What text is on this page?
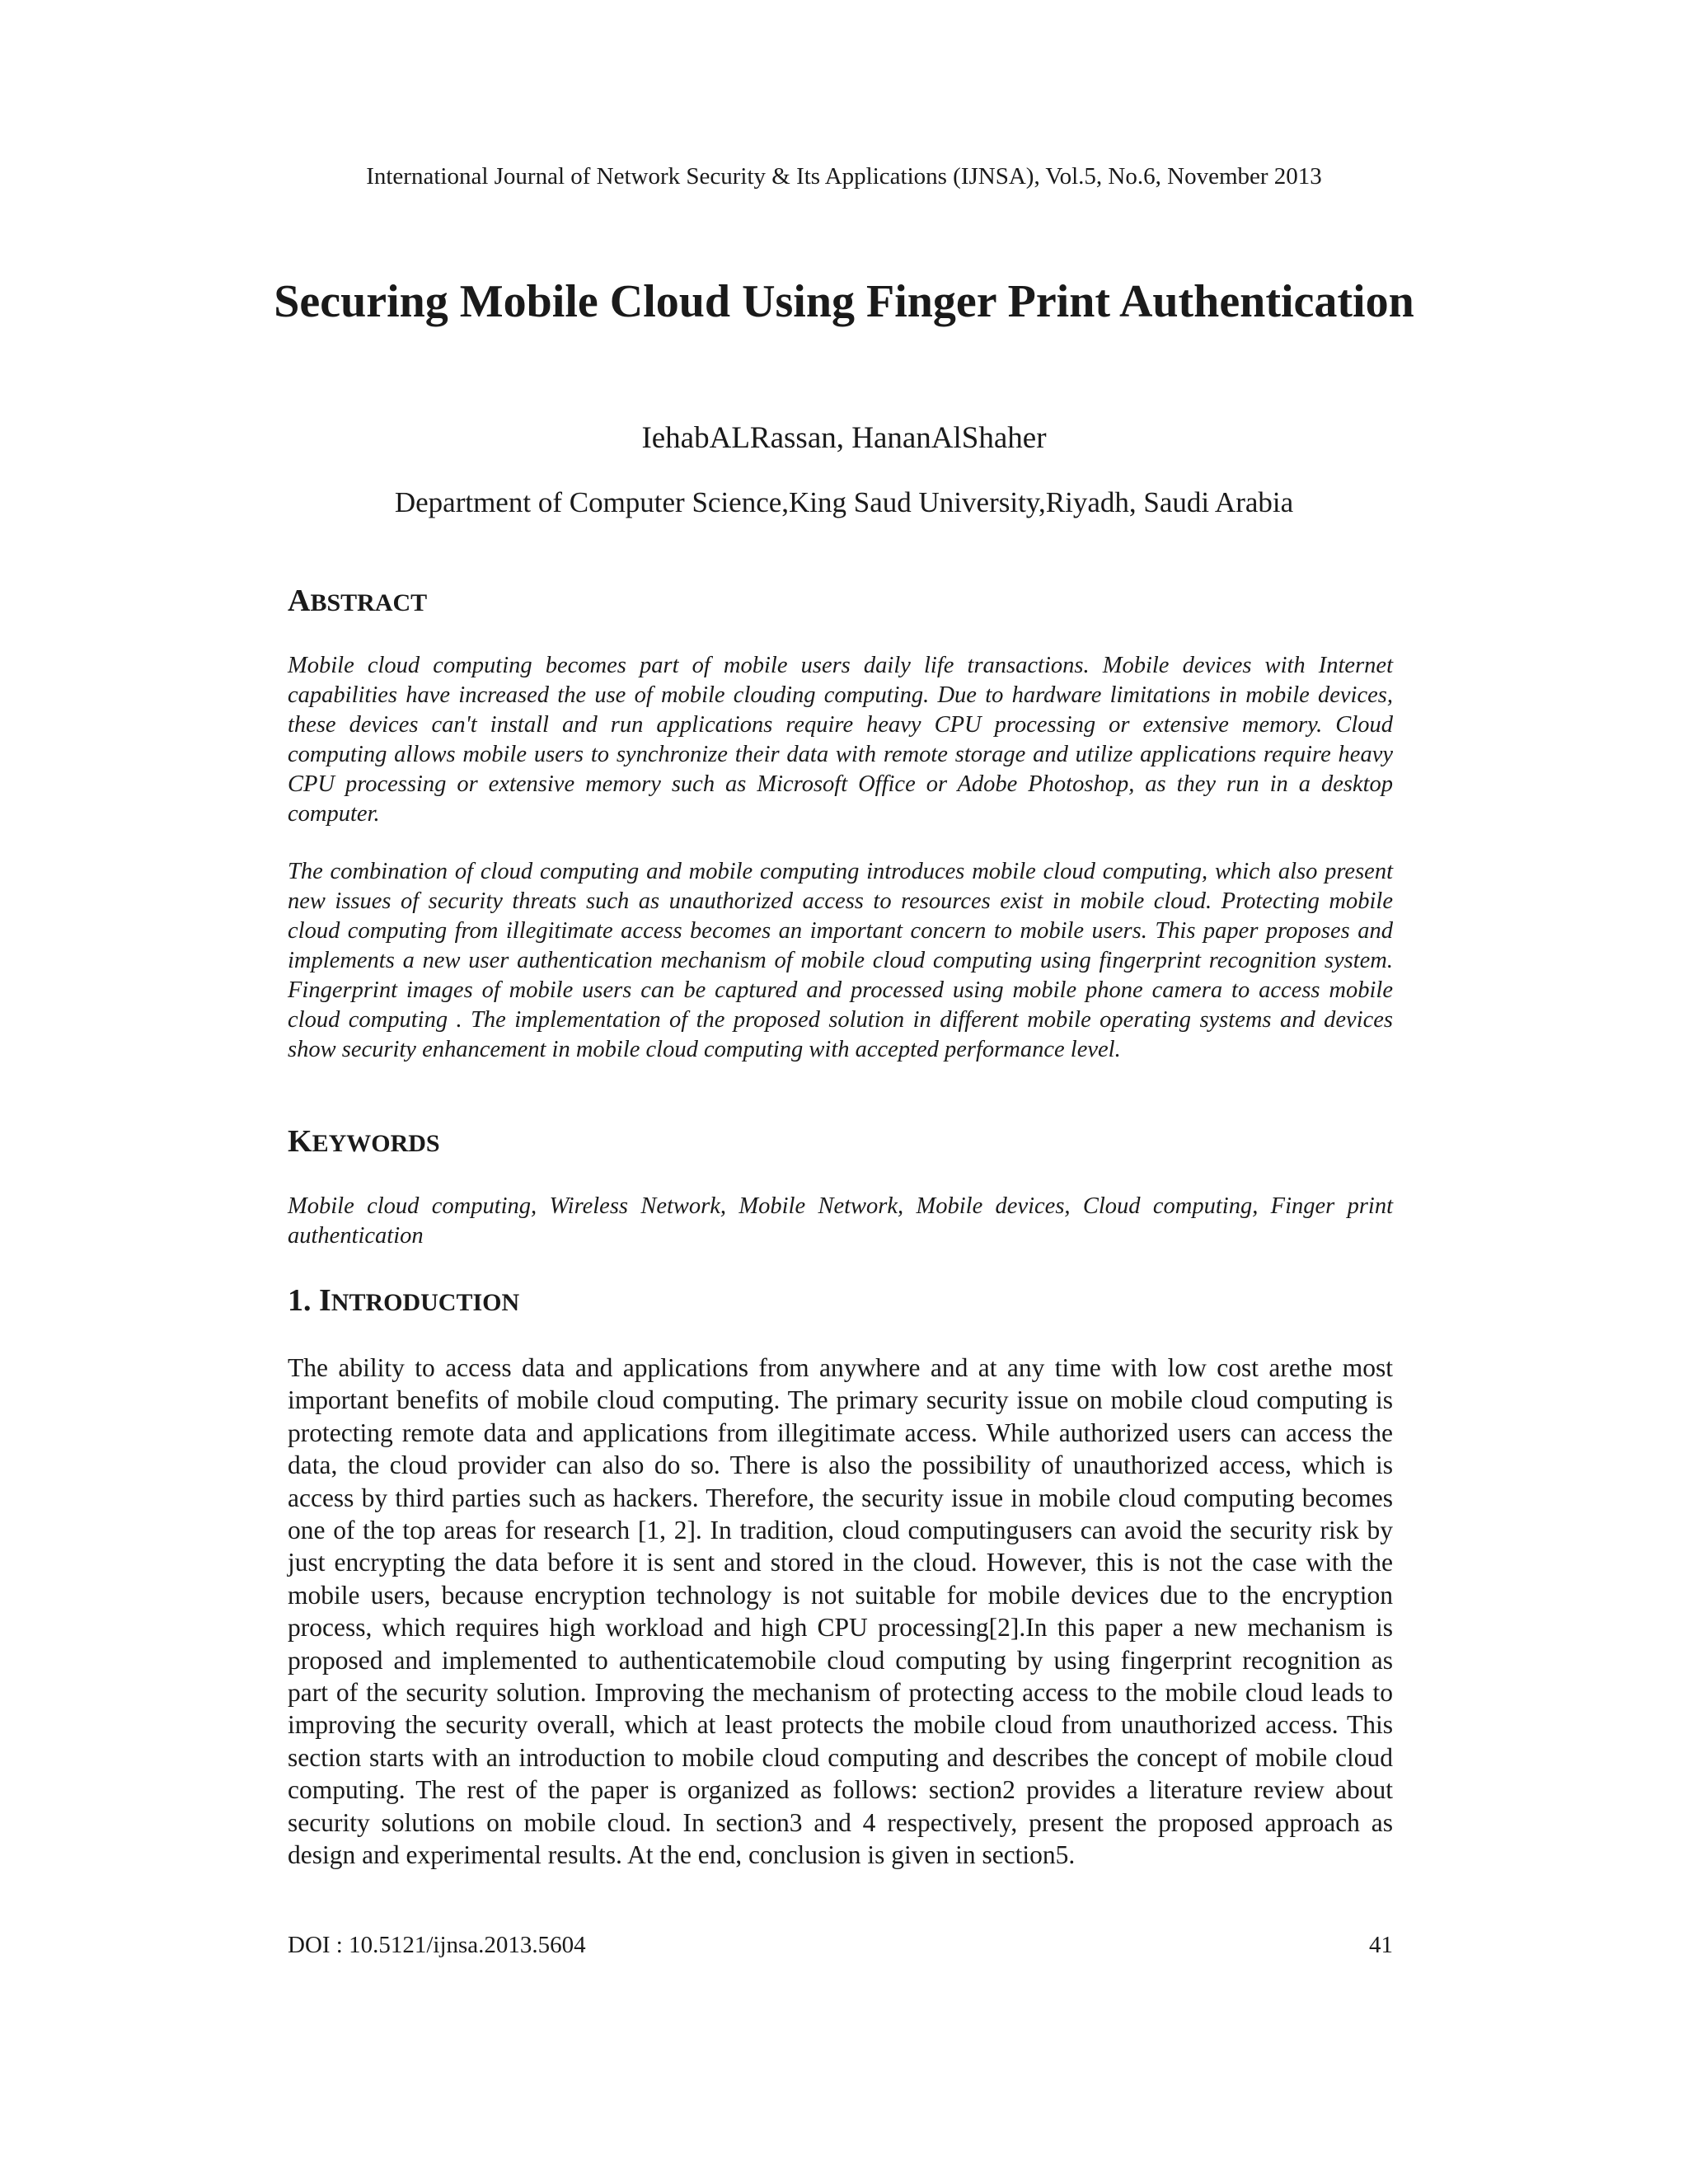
International Journal of Network Security & Its Applications (IJNSA), Vol.5, No.6, November 2013
Securing Mobile Cloud Using Finger Print Authentication
IehabALRassan, HananAlShaher
Department of Computer Science,King Saud University,Riyadh, Saudi Arabia
ABSTRACT

Mobile cloud computing becomes part of mobile users daily life transactions. Mobile devices with Internet capabilities have increased the use of mobile clouding computing. Due to hardware limitations in mobile devices, these devices can't install and run applications require heavy CPU processing or extensive memory. Cloud computing allows mobile users to synchronize their data with remote storage and utilize applications require heavy CPU processing or extensive memory such as Microsoft Office or Adobe Photoshop, as they run in a desktop computer.

The combination of cloud computing and mobile computing introduces mobile cloud computing, which also present new issues of security threats such as unauthorized access to resources exist in mobile cloud. Protecting mobile cloud computing from illegitimate access becomes an important concern to mobile users. This paper proposes and implements a new user authentication mechanism of mobile cloud computing using fingerprint recognition system. Fingerprint images of mobile users can be captured and processed using mobile phone camera to access mobile cloud computing . The implementation of the proposed solution in different mobile operating systems and devices show security enhancement in mobile cloud computing with accepted performance level.

KEYWORDS

Mobile cloud computing, Wireless Network, Mobile Network, Mobile devices, Cloud computing, Finger print authentication

1. INTRODUCTION

The ability to access data and applications from anywhere and at any time with low cost arethe most important benefits of mobile cloud computing. The primary security issue on mobile cloud computing is protecting remote data and applications from illegitimate access. While authorized users can access the data, the cloud provider can also do so. There is also the possibility of unauthorized access, which is access by third parties such as hackers. Therefore, the security issue in mobile cloud computing becomes one of the top areas for research [1, 2]. In tradition, cloud computingusers can avoid the security risk by just encrypting the data before it is sent and stored in the cloud. However, this is not the case with the mobile users, because encryption technology is not suitable for mobile devices due to the encryption process, which requires high workload and high CPU processing[2].In this paper a new mechanism is proposed and implemented to authenticatemobile cloud computing by using fingerprint recognition as part of the security solution. Improving the mechanism of protecting access to the mobile cloud leads to improving the security overall, which at least protects the mobile cloud from unauthorized access. This section starts with an introduction to mobile cloud computing and describes the concept of mobile cloud computing. The rest of the paper is organized as follows: section2 provides a literature review about security solutions on mobile cloud. In section3 and 4 respectively, present the proposed approach as design and experimental results. At the end, conclusion is given in section5.

DOI : 10.5121/ijnsa.2013.5604	41
